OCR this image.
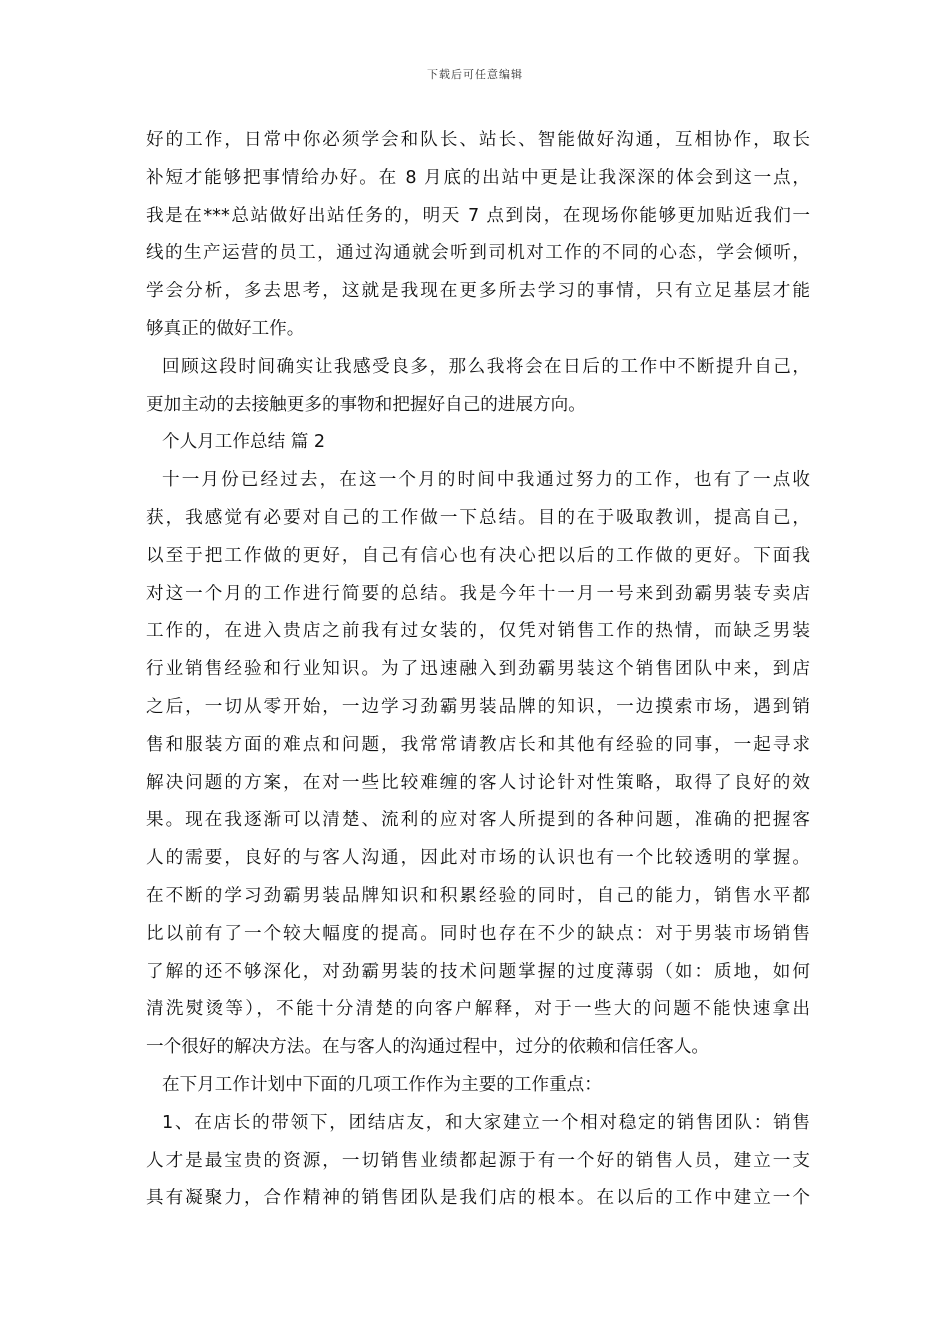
下载后可任意编辑
好的工作，日常中你必须学会和队长、站长、智能做好沟通，互相协作，取长
补短才能够把事情给办好。在 8 月底的出站中更是让我深深的体会到这一点，
我是在***总站做好出站任务的，明天 7 点到岗，在现场你能够更加贴近我们一
线的生产运营的员工，通过沟通就会听到司机对工作的不同的心态，学会倾听，
学会分析，多去思考，这就是我现在更多所去学习的事情，只有立足基层才能
够真正的做好工作。
回顾这段时间确实让我感受良多，那么我将会在日后的工作中不断提升自己，
更加主动的去接触更多的事物和把握好自己的进展方向。
个人月工作总结 篇 2
十一月份已经过去，在这一个月的时间中我通过努力的工作，也有了一点收
获，我感觉有必要对自己的工作做一下总结。目的在于吸取教训，提高自己，
以至于把工作做的更好，自己有信心也有决心把以后的工作做的更好。下面我
对这一个月的工作进行简要的总结。我是今年十一月一号来到劲霸男装专卖店
工作的，在进入贵店之前我有过女装的，仅凭对销售工作的热情，而缺乏男装
行业销售经验和行业知识。为了迅速融入到劲霸男装这个销售团队中来，到店
之后，一切从零开始，一边学习劲霸男装品牌的知识，一边摸索市场，遇到销
售和服装方面的难点和问题，我常常请教店长和其他有经验的同事，一起寻求
解决问题的方案，在对一些比较难缠的客人讨论针对性策略，取得了良好的效
果。现在我逐渐可以清楚、流利的应对客人所提到的各种问题，准确的把握客
人的需要，良好的与客人沟通，因此对市场的认识也有一个比较透明的掌握。
在不断的学习劲霸男装品牌知识和积累经验的同时，自己的能力，销售水平都
比以前有了一个较大幅度的提高。同时也存在不少的缺点：对于男装市场销售
了解的还不够深化，对劲霸男装的技术问题掌握的过度薄弱（如：质地，如何
清洗熨烫等），不能十分清楚的向客户解释，对于一些大的问题不能快速拿出
一个很好的解决方法。在与客人的沟通过程中，过分的依赖和信任客人。
在下月工作计划中下面的几项工作作为主要的工作重点：
1、在店长的带领下，团结店友，和大家建立一个相对稳定的销售团队：销售
人才是最宝贵的资源，一切销售业绩都起源于有一个好的销售人员，建立一支
具有凝聚力，合作精神的销售团队是我们店的根本。在以后的工作中建立一个
